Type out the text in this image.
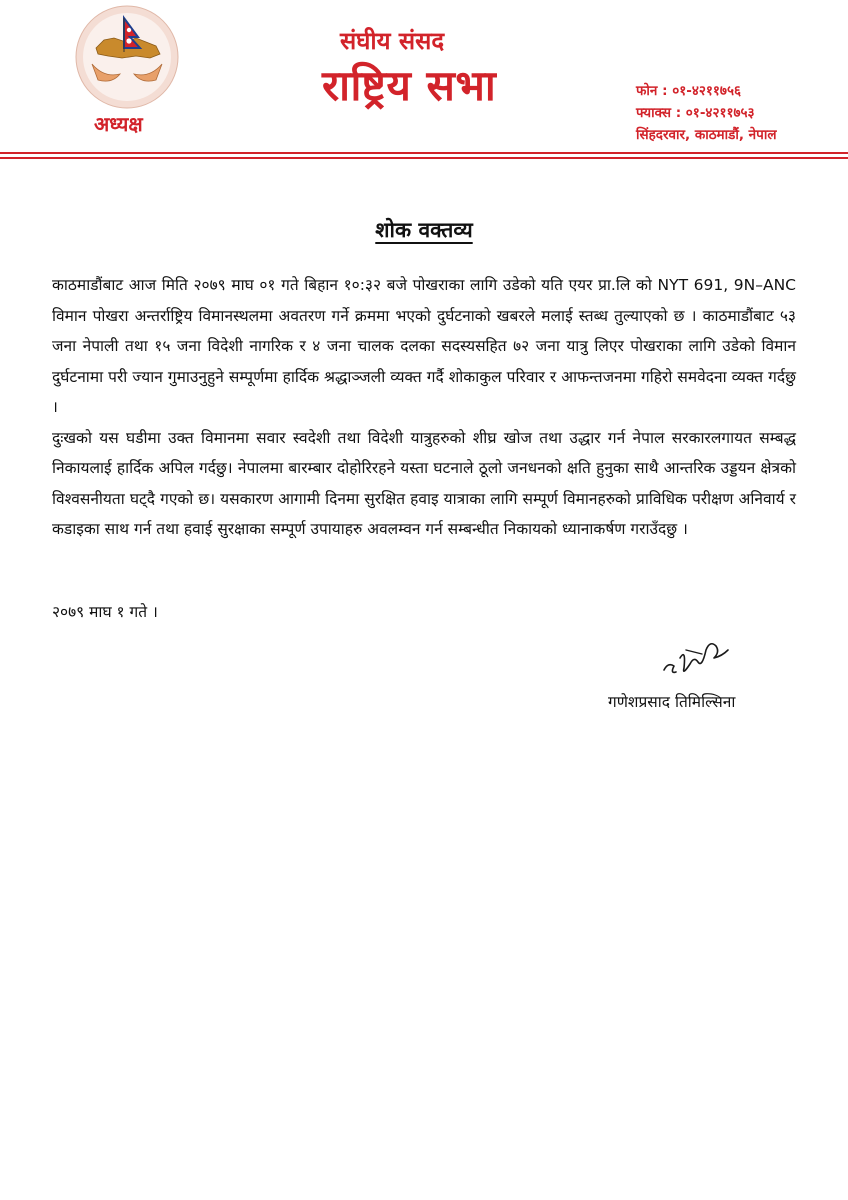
अध्यक्ष
संघीय संसद
राष्ट्रिय सभा	फोन : ०१-४२११७५६
फ्याक्स : ०१-४२११७५३
सिंहदरवार, काठमाडौं, नेपाल
शोक वक्तव्य

काठमाडौंबाट आज मिति २०७९ माघ ०१ गते बिहान १०:३२ बजे पोखराका लागि उडेको यति एयर प्रा.लि को NYT 691, 9N–ANC विमान पोखरा अन्तर्राष्ट्रिय विमानस्थलमा अवतरण गर्ने क्रममा भएको दुर्घटनाको खबरले मलाई स्तब्ध तुल्याएको छ । काठमाडौंबाट ५३ जना नेपाली तथा १५ जना विदेशी नागरिक र ४ जना चालक दलका सदस्यसहित ७२ जना यात्रु लिएर पोखराका लागि उडेको विमान दुर्घटनामा परी ज्यान गुमाउनुहुने सम्पूर्णमा हार्दिक श्रद्धाञ्जली व्यक्त गर्दै शोकाकुल परिवार र आफन्तजनमा गहिरो समवेदना व्यक्त गर्दछु ।

दुःखको यस घडीमा उक्त विमानमा सवार स्वदेशी तथा विदेशी यात्रुहरुको शीघ्र खोज तथा उद्धार गर्न नेपाल सरकारलगायत सम्बद्ध निकायलाई हार्दिक अपिल गर्दछु। नेपालमा बारम्बार दोहोरिरहने यस्ता घटनाले ठूलो जनधनको क्षति हुनुका साथै आन्तरिक उड्डयन क्षेत्रको विश्वसनीयता घट्दै गएको छ। यसकारण आगामी दिनमा सुरक्षित हवाइ यात्राका लागि सम्पूर्ण विमानहरुको प्राविधिक परीक्षण अनिवार्य र कडाइका साथ गर्न तथा हवाई सुरक्षाका सम्पूर्ण उपायाहरु अवलम्वन गर्न सम्बन्धीत निकायको ध्यानाकर्षण गराउँदछु ।

२०७९ माघ १ गते ।
गणेशप्रसाद तिमिल्सिना
